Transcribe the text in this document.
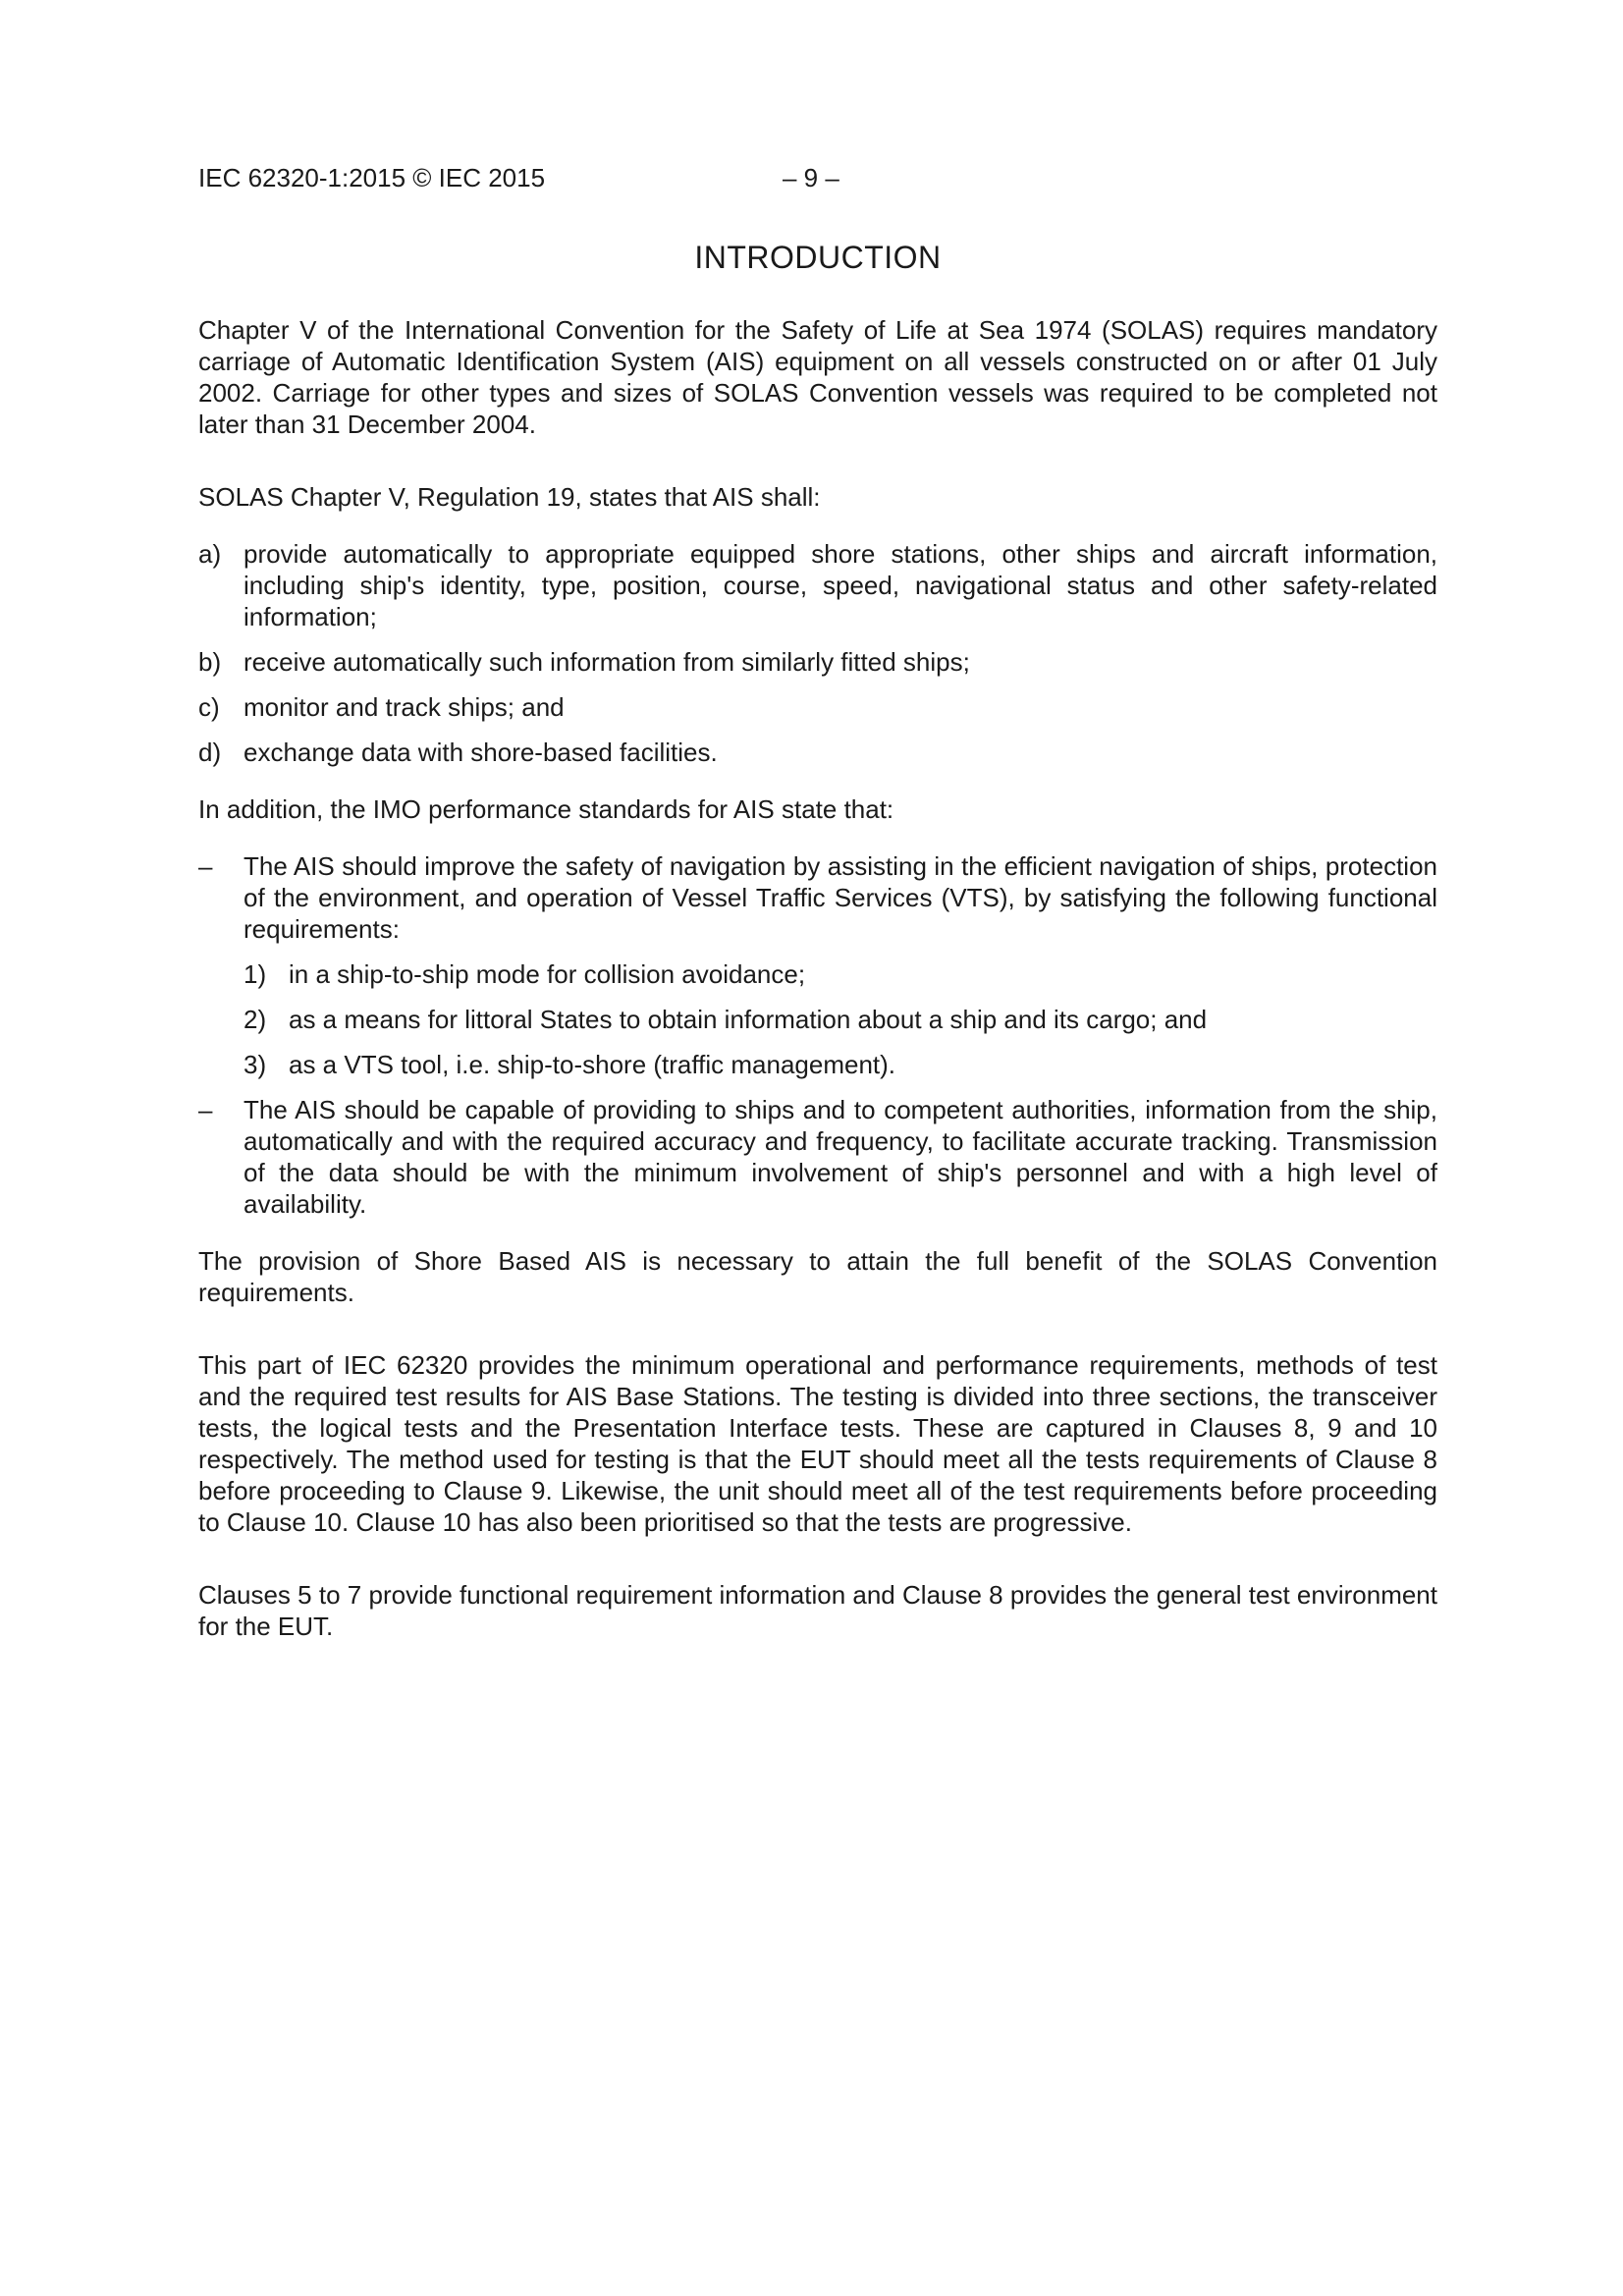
IEC 62320-1:2015 © IEC 2015	– 9 –
INTRODUCTION

Chapter V of the International Convention for the Safety of Life at Sea 1974 (SOLAS) requires mandatory carriage of Automatic Identification System (AIS) equipment on all vessels constructed on or after 01 July 2002. Carriage for other types and sizes of SOLAS Convention vessels was required to be completed not later than 31 December 2004.

SOLAS Chapter V, Regulation 19, states that AIS shall:

a) provide automatically to appropriate equipped shore stations, other ships and aircraft information, including ship's identity, type, position, course, speed, navigational status and other safety-related information;
b) receive automatically such information from similarly fitted ships;
c) monitor and track ships; and
d) exchange data with shore-based facilities.

In addition, the IMO performance standards for AIS state that:

–	The AIS should improve the safety of navigation by assisting in the efficient navigation of ships, protection of the environment, and operation of Vessel Traffic Services (VTS), by satisfying the following functional requirements:
1) in a ship-to-ship mode for collision avoidance;
2) as a means for littoral States to obtain information about a ship and its cargo; and
3) as a VTS tool, i.e. ship-to-shore (traffic management).
–	The AIS should be capable of providing to ships and to competent authorities, information from the ship, automatically and with the required accuracy and frequency, to facilitate accurate tracking. Transmission of the data should be with the minimum involvement of ship's personnel and with a high level of availability.

The provision of Shore Based AIS is necessary to attain the full benefit of the SOLAS Convention requirements.

This part of IEC 62320 provides the minimum operational and performance requirements, methods of test and the required test results for AIS Base Stations. The testing is divided into three sections, the transceiver tests, the logical tests and the Presentation Interface tests. These are captured in Clauses 8, 9 and 10 respectively. The method used for testing is that the EUT should meet all the tests requirements of Clause 8 before proceeding to Clause 9. Likewise, the unit should meet all of the test requirements before proceeding to Clause 10. Clause 10 has also been prioritised so that the tests are progressive.

Clauses 5 to 7 provide functional requirement information and Clause 8 provides the general test environment for the EUT.
